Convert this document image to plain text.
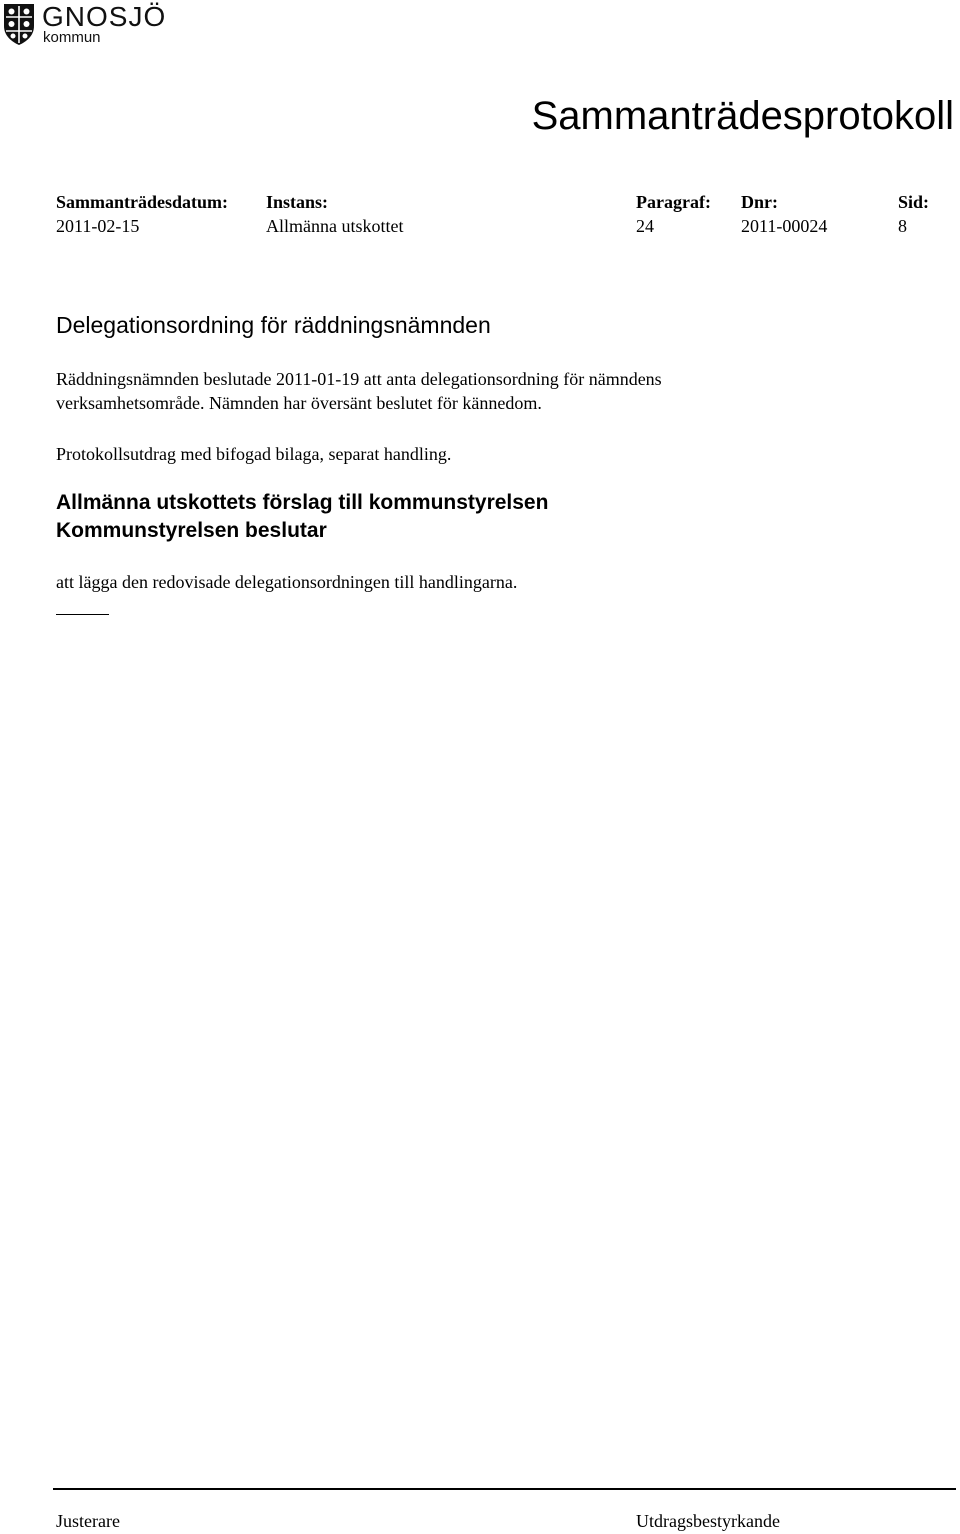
GNOSJÖ
kommun
Sammanträdesprotokoll
Sammanträdesdatum:
2011-02-15
Instans:
Allmänna utskottet
Paragraf:
24
Dnr:
2011-00024
Sid:
8
Delegationsordning för räddningsnämnden
Räddningsnämnden beslutade 2011-01-19 att anta delegationsordning för nämndens
verksamhetsområde. Nämnden har översänt beslutet för kännedom.

Protokollsutdrag med bifogad bilaga, separat handling.

Allmänna utskottets förslag till kommunstyrelsen
Kommunstyrelsen beslutar

att lägga den redovisade delegationsordningen till handlingarna.

Justerare	Utdragsbestyrkande
